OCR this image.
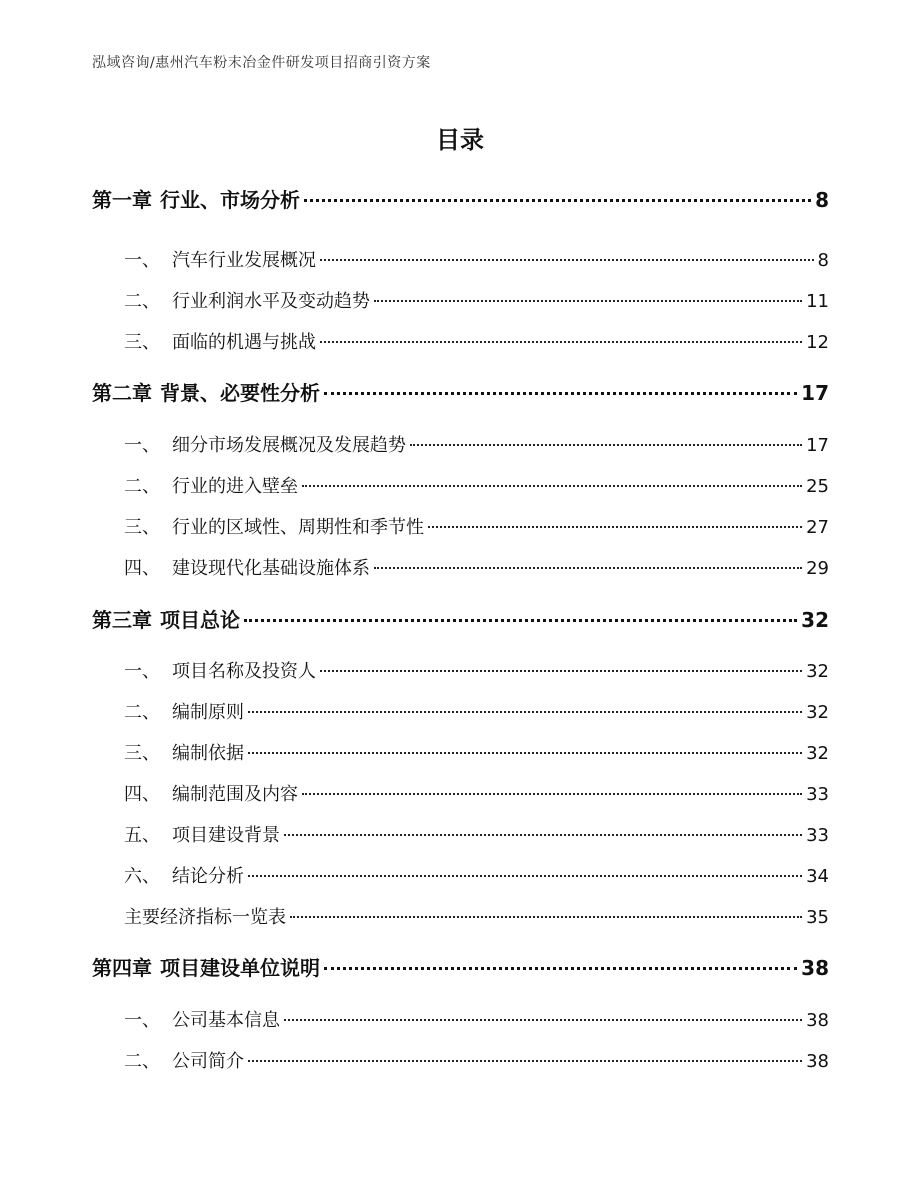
泓域咨询/惠州汽车粉末冶金件研发项目招商引资方案
目录
第一章 行业、市场分析	8
一、 汽车行业发展概况	8
二、 行业利润水平及变动趋势	11
三、 面临的机遇与挑战	12
第二章 背景、必要性分析	17
一、 细分市场发展概况及发展趋势	17
二、 行业的进入壁垒	25
三、 行业的区域性、周期性和季节性	27
四、 建设现代化基础设施体系	29
第三章 项目总论	32
一、 项目名称及投资人	32
二、 编制原则	32
三、 编制依据	32
四、 编制范围及内容	33
五、 项目建设背景	33
六、 结论分析	34
主要经济指标一览表	35
第四章 项目建设单位说明	38
一、 公司基本信息	38
二、 公司简介	38
